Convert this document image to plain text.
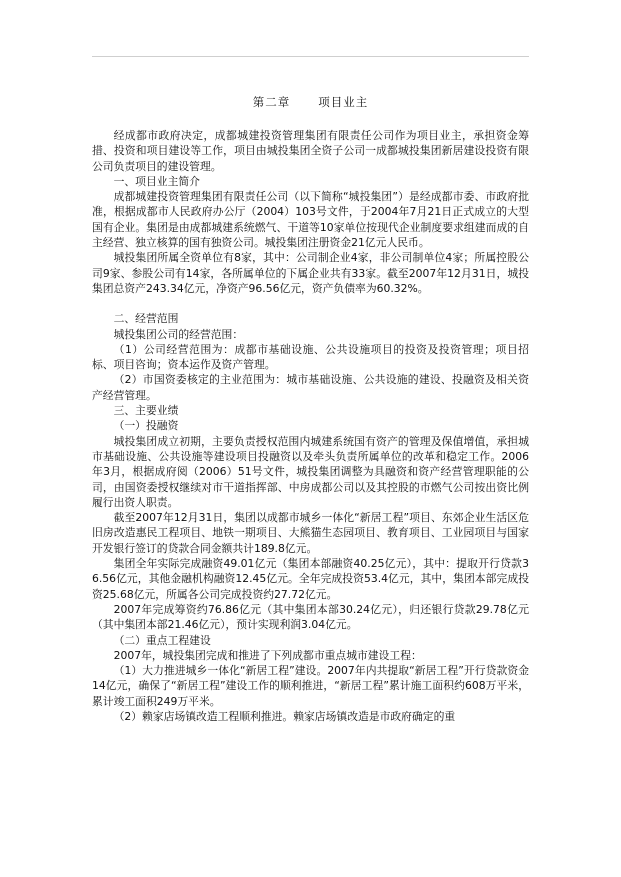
第二章 项目业主

经成都市政府决定，成都城建投资管理集团有限责任公司作为项目业主，承担资金筹措、投资和项目建设等工作，项目由城投集团全资子公司一成都城投集团新居建设投资有限公司负责项目的建设管理。

一、项目业主简介

成都城建投资管理集团有限责任公司（以下简称“城投集团”）是经成都市委、市政府批准，根据成都市人民政府办公厅（2004）103号文件，于2004年7月21日正式成立的大型国有企业。集团是由成都城建系统燃气、干道等10家单位按现代企业制度要求组建而成的自主经营、独立核算的国有独资公司。城投集团注册资金21亿元人民币。

城投集团所属全资单位有8家，其中：公司制企业4家，非公司制单位4家；所属控股公司9家、参股公司有14家，各所属单位的下属企业共有33家。截至2007年12月31日，城投集团总资产243.34亿元，净资产96.56亿元，资产负债率为60.32%。

二、经营范围

城投集团公司的经营范围：

（1）公司经营范围为：成都市基础设施、公共设施项目的投资及投资管理；项目招标、项目咨询；资本运作及资产管理。

（2）市国资委核定的主业范围为：城市基础设施、公共设施的建设、投融资及相关资产经营管理。

三、主要业绩

（一）投融资

城投集团成立初期，主要负责授权范围内城建系统国有资产的管理及保值增值，承担城市基础设施、公共设施等建设项目投融资以及牵头负责所属单位的改革和稳定工作。2006年3月，根据成府阅（2006）51号文件，城投集团调整为具融资和资产经营管理职能的公司，由国资委授权继续对市干道指挥部、中房成都公司以及其控股的市燃气公司按出资比例履行出资人职责。

截至2007年12月31日，集团以成都市城乡一体化“新居工程”项目、东郊企业生活区危旧房改造惠民工程项目、地铁一期项目、大熊猫生态园项目、教育项目、工业园项目与国家开发银行签订的贷款合同金额共计189.8亿元。

集团全年实际完成融资49.01亿元（集团本部融资40.25亿元），其中：提取开行贷款36.56亿元，其他金融机构融资12.45亿元。全年完成投资53.4亿元，其中，集团本部完成投资25.68亿元，所属各公司完成投资约27.72亿元。

2007年完成筹资约76.86亿元（其中集团本部30.24亿元），归还银行贷款29.78亿元（其中集团本部21.46亿元），预计实现利润3.04亿元。

（二）重点工程建设

2007年，城投集团完成和推进了下列成都市重点城市建设工程：

（1）大力推进城乡一体化“新居工程”建设。2007年内共提取“新居工程”开行贷款资金14亿元，确保了“新居工程”建设工作的顺利推进，“新居工程”累计施工面积约608万平米，累计竣工面积249万平米。

（2）赖家店场镇改造工程顺利推进。赖家店场镇改造是市政府确定的重
